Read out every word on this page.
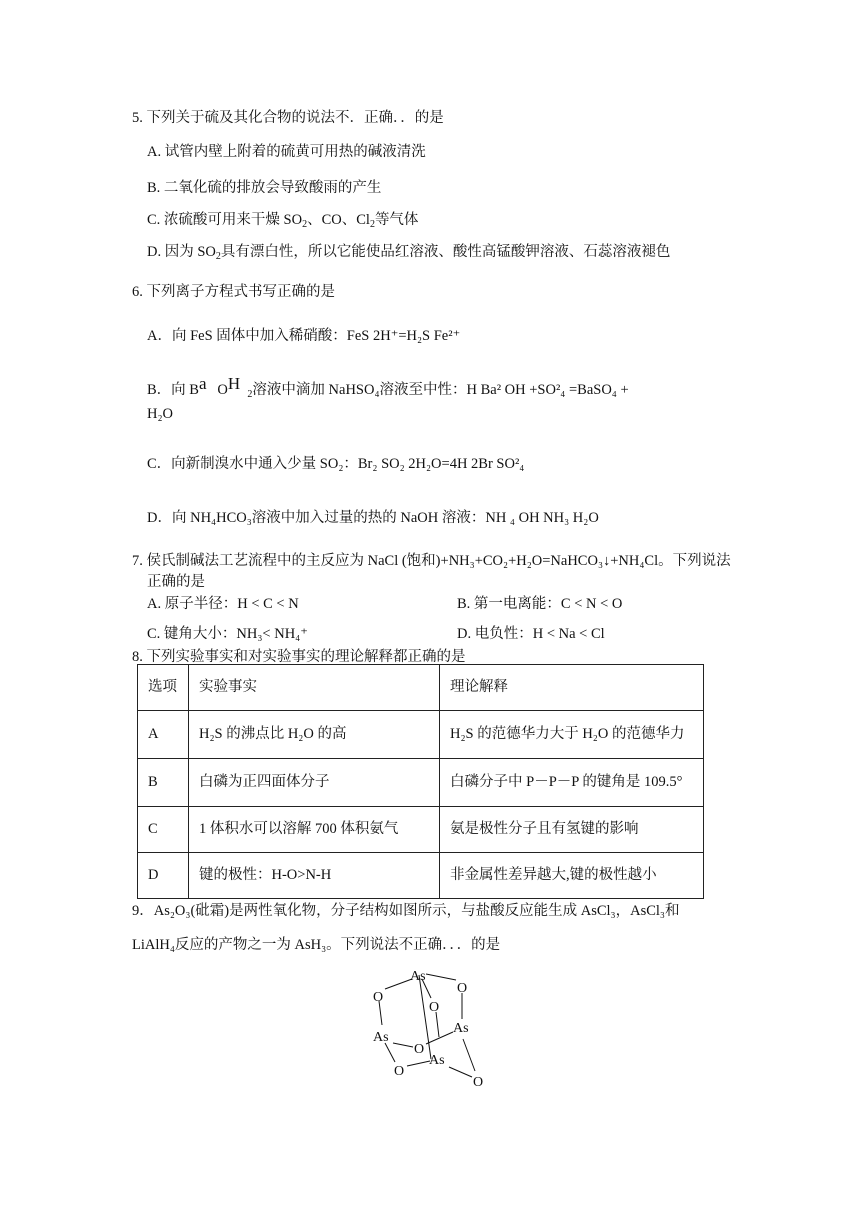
5. 下列关于硫及其化合物的说法不．正确．．的是
A. 试管内壁上附着的硫黄可用热的碱液清洗
B. 二氧化硫的排放会导致酸雨的产生
C. 浓硫酸可用来干燥 $SO_2$、CO、$Cl_2$等气体
D. 因为 $SO_2$具有漂白性，所以它能使品红溶液、酸性高锰酸钾溶液、石蕊溶液褪色
6. 下列离子方程式书写正确的是
A．向 FeS 固体中加入稀硝酸：FeS 2H⁺=H₂S Fe²⁺
B．向 $B^a$ $O^H$  $_2$溶液中滴加 NaHSO₄溶液至中性：H Ba² OH +SO²₄ =BaSO₄ +
H₂O
C．向新制溴水中通入少量 SO₂：Br₂ SO₂ 2H₂O=4H 2Br SO²₄
D．向 NH₄HCO₃溶液中加入过量的热的 NaOH 溶液：NH ₄ OH NH₃ H₂O
7. 侯氏制碱法工艺流程中的主反应为 NaCl (饱和)+NH₃+CO₂+H₂O=NaHCO₃↓+NH₄Cl。下列说法
正确的是
A. 原子半径：H < C < N	B. 第一电离能：C < N < O
C. 键角大小：NH₃< NH₄⁺	D. 电负性：H < Na < Cl
8. 下列实验事实和对实验事实的理论解释都正确的是
选项	实验事实	理论解释
A	H₂S 的沸点比 H₂O 的高	H₂S 的范德华力大于 H₂O 的范德华力
B	白磷为正四面体分子	白磷分子中 P－P－P 的键角是 109.5°
C	1 体积水可以溶解 700 体积氨气	氨是极性分子且有氢键的影响
D	键的极性：H-O>N-H	非金属性差异越大,键的极性越小
9．As₂O₃(砒霜)是两性氧化物，分子结构如图所示，与盐酸反应能生成 AsCl₃，AsCl₃和
LiAlH₄反应的产物之一为 AsH₃。下列说法不正确．．．的是
As
O
O
O
As
As
O
As
O
O
